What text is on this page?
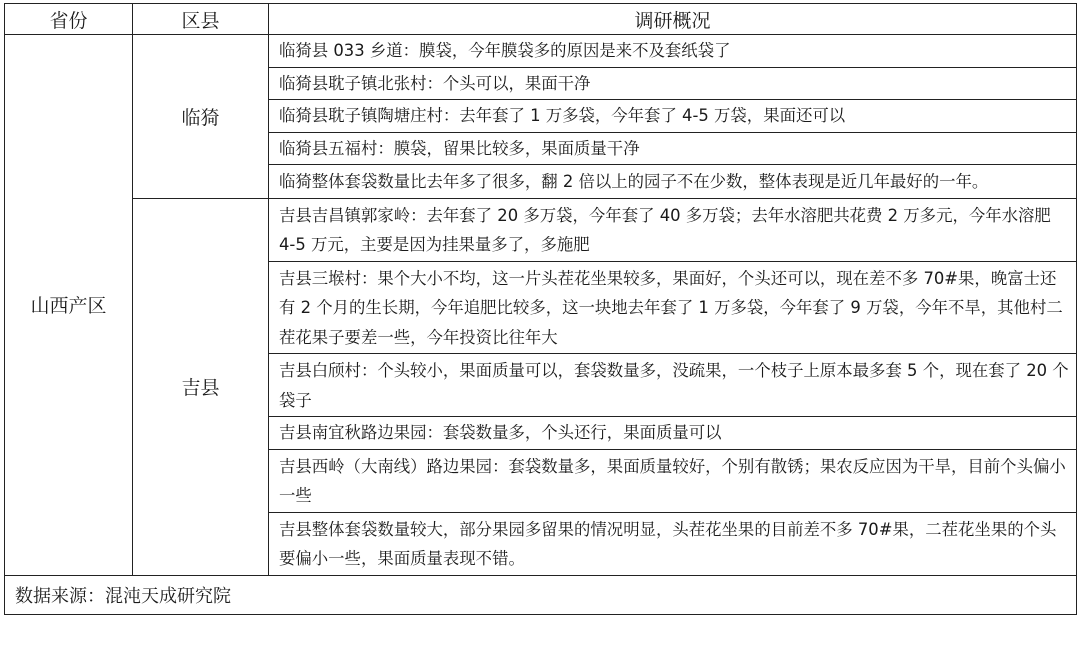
省份	区县	调研概况
山西产区	临猗	临猗县 033 乡道：膜袋，今年膜袋多的原因是来不及套纸袋了
		临猗县耽子镇北张村：个头可以，果面干净
		临猗县耽子镇陶塘庄村：去年套了 1 万多袋，今年套了 4-5 万袋，果面还可以
		临猗县五福村：膜袋，留果比较多，果面质量干净
		临猗整体套袋数量比去年多了很多，翻 2 倍以上的园子不在少数，整体表现是近几年最好的一年。
	吉县	吉县吉昌镇郭家岭：去年套了 20 多万袋，今年套了 40 多万袋；去年水溶肥共花费 2 万多元，今年水溶肥 4-5 万元，主要是因为挂果量多了，多施肥
		吉县三堠村：果个大小不均，这一片头茬花坐果较多，果面好，个头还可以，现在差不多 70#果，晚富士还有 2 个月的生长期，今年追肥比较多，这一块地去年套了 1 万多袋，今年套了 9 万袋，今年不旱，其他村二茬花果子要差一些，今年投资比往年大
		吉县白颀村：个头较小，果面质量可以，套袋数量多，没疏果，一个枝子上原本最多套 5 个，现在套了 20 个袋子
		吉县南宜秋路边果园：套袋数量多，个头还行，果面质量可以
		吉县西岭（大南线）路边果园：套袋数量多，果面质量较好，个别有散锈；果农反应因为干旱，目前个头偏小一些
		吉县整体套袋数量较大，部分果园多留果的情况明显，头茬花坐果的目前差不多 70#果，二茬花坐果的个头要偏小一些，果面质量表现不错。
数据来源：混沌天成研究院		
